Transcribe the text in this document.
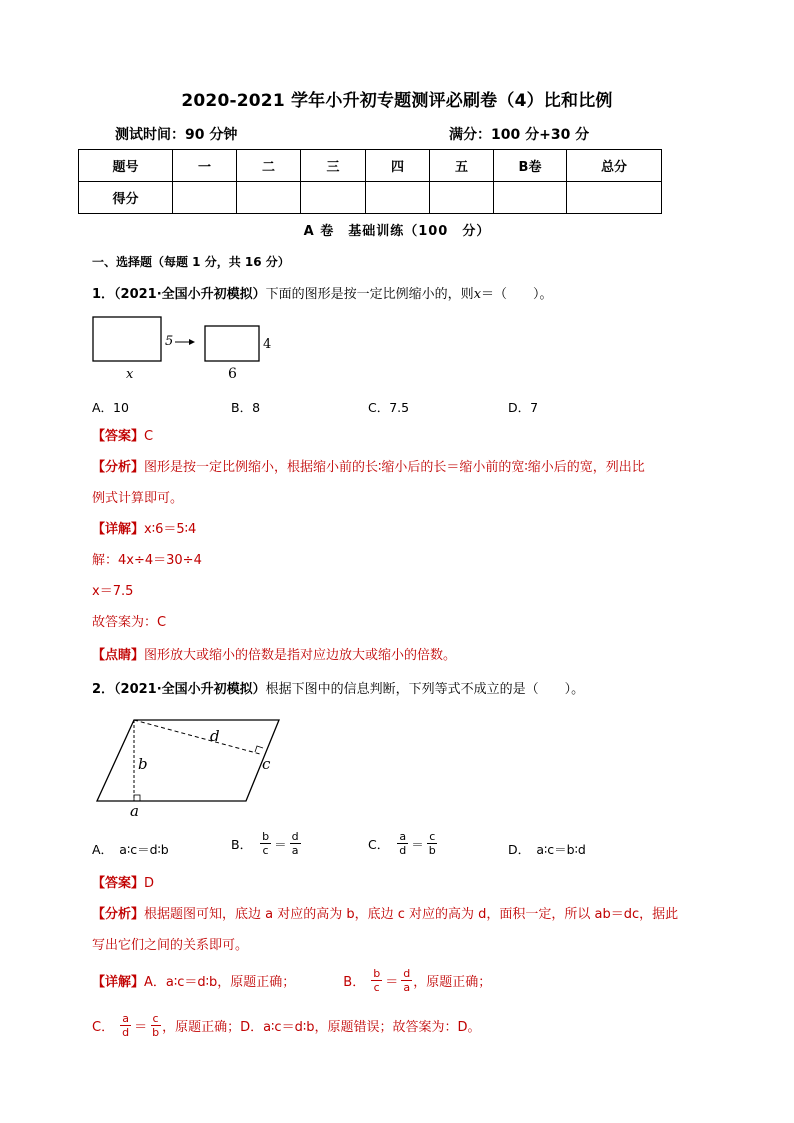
2020-2021 学年小升初专题测评必刷卷（4）比和比例
测试时间：90 分钟	满分：100 分+30 分
题号	一	二	三	四	五	B卷	总分
得分							
A 卷　基础训练（100　分）
一、选择题（每题 1 分，共 16 分）
1．（2021·全国小升初模拟）下面的图形是按一定比例缩小的，则x＝（　　）。
5	4
x	6
A．10	B．8	C．7.5	D．7
【答案】C
【分析】图形是按一定比例缩小，根据缩小前的长∶缩小后的长＝缩小前的宽∶缩小后的宽，列出比
例式计算即可。
【详解】x∶6＝5∶4
解：4x÷4＝30÷4
x＝7.5
故答案为：C
【点睛】图形放大或缩小的倍数是指对应边放大或缩小的倍数。
2．（2021·全国小升初模拟）根据下图中的信息判断，下列等式不成立的是（　　）。
b
d
c
a
A．　a∶c＝d∶b	B． $\frac{b}{c} = \frac{d}{a}$	C． $\frac{a}{d} = \frac{c}{b}$	D．　a∶c＝b∶d
【答案】D
【分析】根据题图可知，底边 a 对应的高为 b，底边 c 对应的高为 d，面积一定，所以 ab＝dc，据此
写出它们之间的关系即可。
【详解】 A．a∶c＝d∶b，原题正确；	B． $\frac{b}{c} = \frac{d}{a}$ ，原题正确；
C． $\frac{a}{d} = \frac{c}{b}$ ，原题正确；D．a∶c＝d∶b，原题错误；故答案为：D。
